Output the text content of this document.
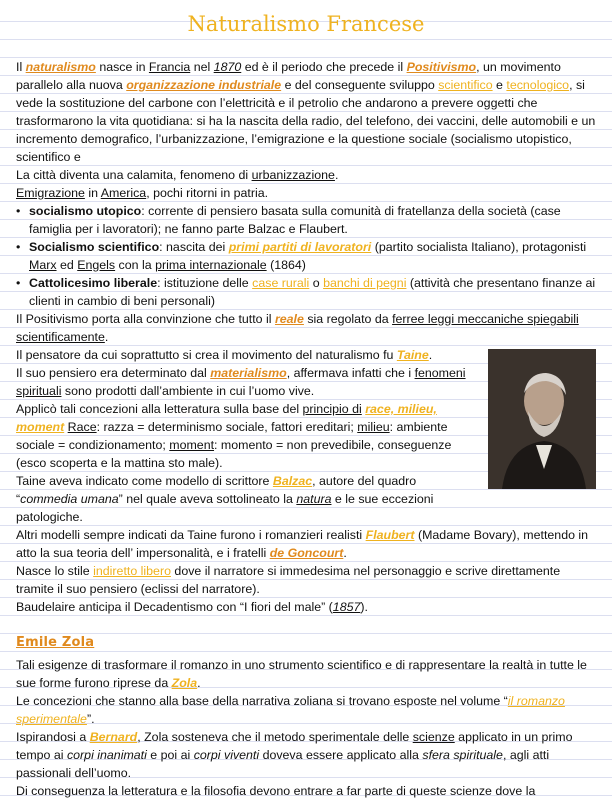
Naturalismo Francese

Il naturalismo nasce in Francia nel 1870 ed è il periodo che precede il Positivismo, un movimento parallelo alla nuova organizzazione industriale e del conseguente sviluppo scientifico e tecnologico, si vede la sostituzione del carbone con l’elettricità e il petrolio che andarono a prevere oggetti che trasformarono la vita quotidiana: si ha la nascita della radio, del telefono, dei vaccini, delle automobili e un incremento demografico, l’urbanizzazione, l’emigrazione e la questione sociale (socialismo utopistico, scientifico e

La città diventa una calamita, fenomeno di urbanizzazione.

Emigrazione in America, pochi ritorni in patria.

• socialismo utopico: corrente di pensiero basata sulla comunità di fratellanza della società (case famiglia per i lavoratori); ne fanno parte Balzac e Flaubert.
• Socialismo scientifico: nascita dei primi partiti di lavoratori (partito socialista Italiano), protagonisti Marx ed Engels con la prima internazionale (1864)
• Cattolicesimo liberale: istituzione delle case rurali o banchi di pegni (attività che presentano finanze ai clienti in cambio di beni personali)

Il Positivismo porta alla convinzione che tutto il reale sia regolato da ferree leggi meccaniche spiegabili scientificamente.

Il pensatore da cui soprattutto si crea il movimento del naturalismo fu Taine.

Il suo pensiero era determinato dal materialismo, affermava infatti che i fenomeni spirituali sono prodotti dall’ambiente in cui l’uomo vive.

Applicò tali concezioni alla letteratura sulla base del principio di race, milieu, moment Race: razza = determinismo sociale, fattori ereditari; milieu: ambiente sociale = condizionamento; moment: momento = non prevedibile, conseguenze (esco scoperta e la mattina sto male).

Taine aveva indicato come modello di scrittore Balzac, autore del quadro “commedia umana” nel quale aveva sottolineato la natura e le sue eccezioni patologiche.

Altri modelli sempre indicati da Taine furono i romanzieri realisti Flaubert (Madame Bovary), mettendo in atto la sua teoria dell’ impersonalità, e i fratelli de Goncourt.

Nasce lo stile indiretto libero dove il narratore si immedesima nel personaggio e scrive direttamente tramite il suo pensiero (eclissi del narratore).

Baudelaire anticipa il Decadentismo con “I fiori del male” (1857).

Emile Zola

Tali esigenze di trasformare il romanzo in uno strumento scientifico e di rappresentare la realtà in tutte le sue forme furono riprese da Zola.

Le concezioni che stanno alla base della narrativa zoliana si trovano esposte nel volume “il romanzo sperimentale”.

Ispirandosi a Bernard, Zola sosteneva che il metodo sperimentale delle scienze applicato in un primo tempo ai corpi inanimati e poi ai corpi viventi doveva essere applicato alla sfera spirituale, agli atti passionali dell’uomo.

Di conseguenza la letteratura e la filosofia devono entrare a far parte di queste scienze dove la
